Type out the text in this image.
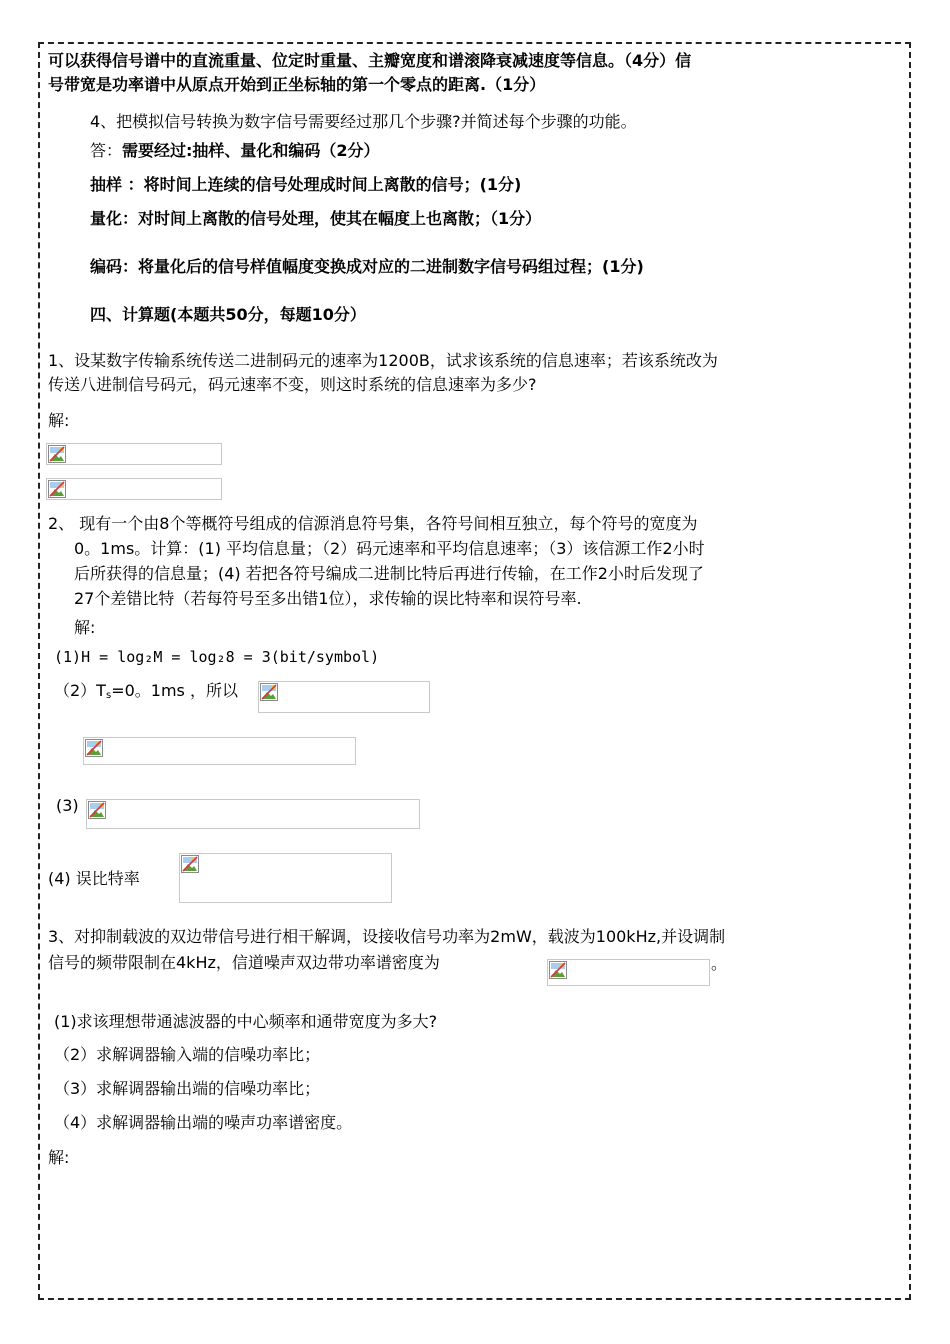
可以获得信号谱中的直流重量、位定时重量、主瓣宽度和谱滚降衰减速度等信息。（4分）信
号带宽是功率谱中从原点开始到正坐标轴的第一个零点的距离.（1分）
4、把模拟信号转换为数字信号需要经过那几个步骤?并简述每个步骤的功能。
答：需要经过:抽样、量化和编码（2分）
抽样 ：将时间上连续的信号处理成时间上离散的信号；(1分)
量化：对时间上离散的信号处理，使其在幅度上也离散；（1分）
编码：将量化后的信号样值幅度变换成对应的二进制数字信号码组过程；(1分)
四、计算题(本题共50分，每题10分）
1、设某数字传输系统传送二进制码元的速率为1200B，试求该系统的信息速率；若该系统改为
传送八进制信号码元，码元速率不变，则这时系统的信息速率为多少?
解:
2、 现有一个由8个等概符号组成的信源消息符号集，各符号间相互独立，每个符号的宽度为
0。1ms。计算：(1) 平均信息量；（2）码元速率和平均信息速率；（3）该信源工作2小时
后所获得的信息量；(4) 若把各符号编成二进制比特后再进行传输，在工作2小时后发现了
27个差错比特（若每符号至多出错1位），求传输的误比特率和误符号率.
解:
(1)H = log₂M = log₂8 = 3(bit/symbol)
$(2)T_s=0$。1ms ，所以
(3)
(4) 误比特率
3、对抑制载波的双边带信号进行相干解调，设接收信号功率为2mW，载波为100kHz,并设调制
信号的频带限制在4kHz，信道噪声双边带功率谱密度为	。
(1)求该理想带通滤波器的中心频率和通带宽度为多大?
（2）求解调器输入端的信噪功率比；
（3）求解调器输出端的信噪功率比；
（4）求解调器输出端的噪声功率谱密度。
解:
